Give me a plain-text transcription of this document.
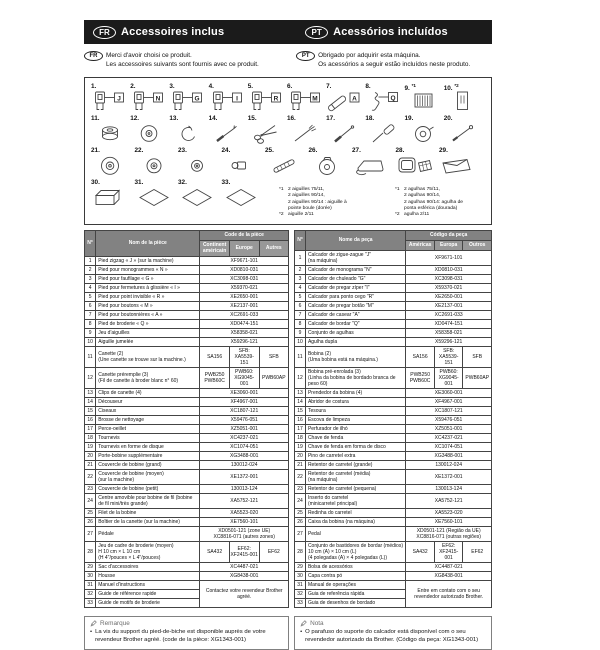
FR	Accessoires inclus	PT	Acessórios incluídos
FR	Merci d'avoir choisi ce produit.
Les accessoires suivants sont fournis avec ce produit.
PT	Obrigado por adquirir esta máquina.
Os acessórios a seguir estão incluídos neste produto.
1.
J
2.
N
3.
G
4.
I
5.
R
6.
M
7.
A
8.
Q
9. $^{*1}$	10. $^{*2}$
11.	12.	13.	14.	15.	16.	17.	18.	19.	20.
21.	22.	23.	24.	25.	26.	27.	28.	29.
30.	31.	32.	33.
*1 2 aiguilles 75/11,
2 aiguilles 90/14,
2 aiguilles 90/14 : aiguille à
pointe boule (dorée)
*2 aiguille 2/11
*1 2 agulhas 75/11,
2 agulhas 90/14,
2 agulhas 90/14: agulha de
ponta esférica (dourada)
*2 agulha 2/11
N°	Nom de la pièce	Code de la pièce		
		Continent américain	Europe	Autres
1	Pied zigzag « J » (sur la machine)	XF9671-101		
2	Pied pour monogrammes « N »	XD0810-031		
3	Pied pour faufilage « G »	XC3098-031		
4	Pied pour fermetures à glissière « I »	X59370-021		
5	Pied pour point invisible « R »	XE2650-001		
6	Pied pour boutons « M »	XE2137-001		
7	Pied pour boutonnières « A »	XC2691-033		
8	Pied de broderie « Q »	XD0474-151		
9	Jeu d'aiguilles	X58358-021		
10	Aiguille jumelée	X59296-121		
11	Canette (2)
(Une canette se trouve sur la machine.)	SA156	SFB:
XA5539-151	SFB
12	Canette préremplie (3)
(Fil de canette à broder blanc n° 60)	PWB250
PWB60C	PWB60:
XG9045-001	PWB60AP
13	Clips de canette (4)	XE3060-001		
14	Découseur	XF4967-001		
15	Ciseaux	XC1807-121		
16	Brosse de nettoyage	X59476-051		
17	Perce-oeillet	XZ5051-001		
18	Tournevis	XC4237-021		
19	Tournevis en forme de disque	XC1074-051		
20	Porte-bobine supplémentaire	XG3488-001		
21	Couvercle de bobine (grand)	130012-024		
22	Couvercle de bobine (moyen)
(sur la machine)	XE1372-001		
23	Couvercle de bobine (petit)	130013-124		
24	Centre amovible pour bobine de fil (bobine de fil mini/très grande)	XA5752-121		
25	Filet de la bobine	XA5523-020		
26	Boîtier de la canette (sur la machine)	XE7560-101		
27	Pédale	XD0501-121 (zone UE)
XC8816-071 (autres zones)		
28	Jeu de cadre de broderie (moyen)
H 10 cm × L 10 cm
(H 4"/pouces × L 4"/pouces)	SA432	EF62:
XF2415-001	EF62
29	Sac d'accessoires	XC4487-021		
30	Housse	XG8438-001		
31	Manuel d'instructions	Contactez votre revendeur Brother agréé.		
32	Guide de référence rapide			
33	Guide de motifs de broderie			
Remarque
• La vis du support du pied-de-biche est disponible auprès de votre revendeur Brother agréé. (code de la pièce: XG1343-001)
N°	Nome da peça	Código da peça		
		Américas	Europa	Outros
1	Calcador de zigue-zague "J"
(na máquina)	XF9671-101		
2	Calcador de monograma "N"	XD0810-031		
3	Calcador de chuleado "G"	XC3098-031		
4	Calcador de pregar zíper "I"	X59370-021		
5	Calcador para ponto cego "R"	XE2650-001		
6	Calcador de pregar botão "M"	XE2137-001		
7	Calcador de casear "A"	XC2691-033		
8	Calcador de bordar "Q"	XD0474-151		
9	Conjunto de agulhas	X58358-021		
10	Agulha dupla	X59296-121		
11	Bobina (2)
(Uma bobina está na máquina.)	SA156	SFB:
XA5539-151	SFB
12	Bobina pré-enrolada (3)
(Linha da bobina de bordado branca de peso 60)	PWB250
PWB60C	PWB60:
XG9045-001	PWB60AP
13	Prendedor da bobina (4)	XE3060-001		
14	Abridor de costura	XF4967-001		
15	Tesoura	XC1807-121		
16	Escova de limpeza	X59476-051		
17	Perfurador de ilhó	XZ5051-001		
18	Chave de fenda	XC4237-021		
19	Chave de fenda em forma de disco	XC1074-051		
20	Pino de carretel extra	XG3488-001		
21	Retentor de carretel (grande)	130012-024		
22	Retentor de carretel (média)
(na máquina)	XE1372-001		
23	Retentor de carretel (pequena)	130013-124		
24	Inserto do carretel
(minicarretel principal)	XA5752-121		
25	Redinha do carretel	XA5523-020		
26	Caixa da bobina (na máquina)	XE7560-101		
27	Pedal	XD0501-121 (Região da UE)
XC8816-071 (outras regiões)		
28	Conjunto de bastidores de bordar (médios)
10 cm (A) × 10 cm (L)
(4 polegadas (A) × 4 polegadas (L))	SA432	EF62:
XF2415-001	EF62
29	Bolsa de acessórios	XC4487-021		
30	Capa contra pó	XG8438-001		
31	Manual de operações	Entre em contato com o seu revendedor autorizado Brother.		
32	Guia de referência rápida			
33	Guia de desenhos de bordado			
Nota
• O parafuso do suporte do calcador está disponível com o seu revendedor autorizado da Brother. (Código da peça: XG1343-001)
